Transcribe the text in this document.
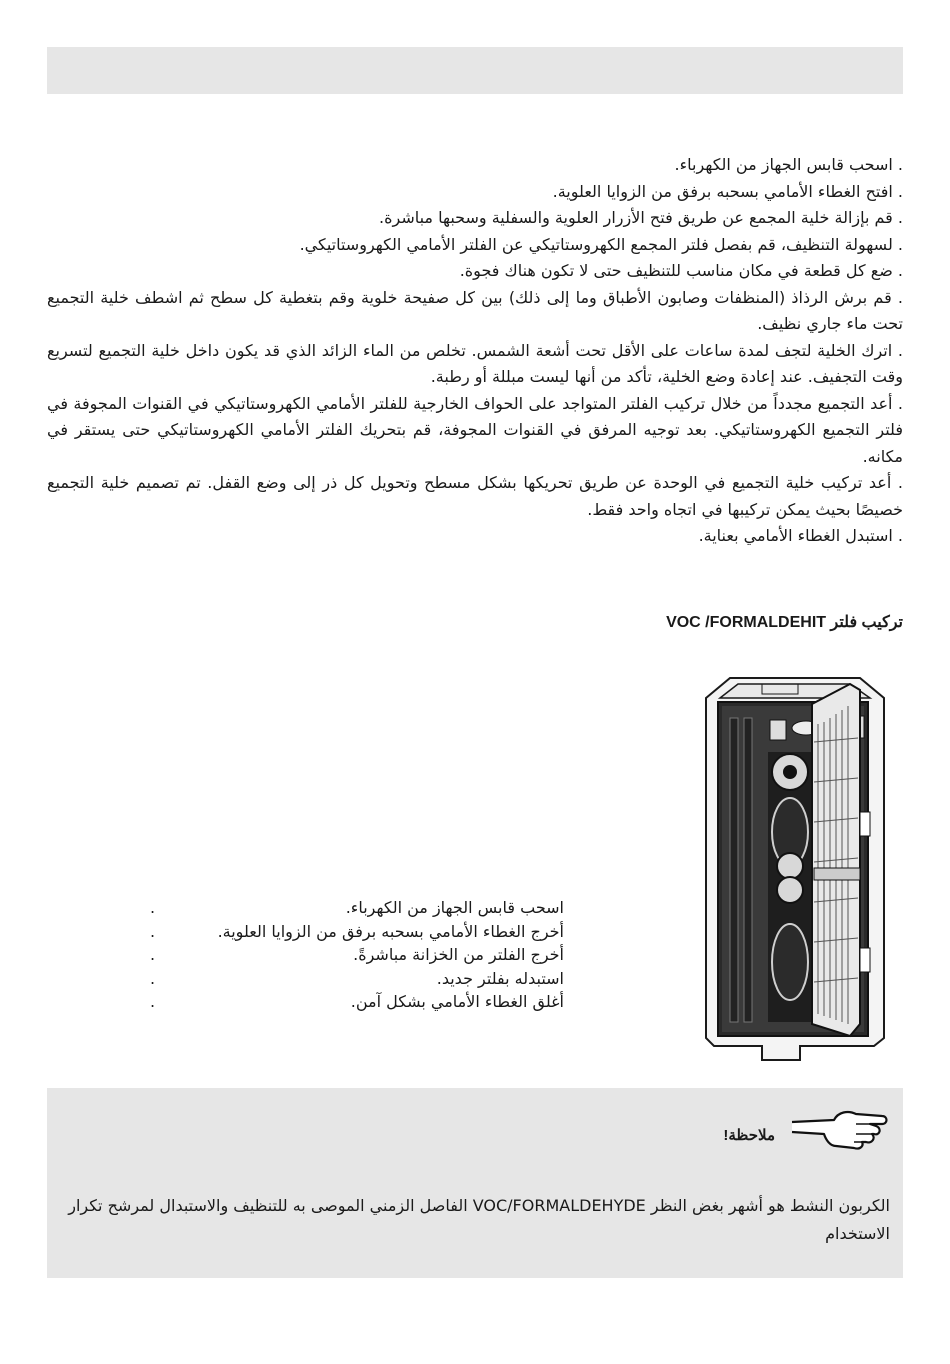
. اسحب قابس الجهاز من الكهرباء.

. افتح الغطاء الأمامي بسحبه برفق من الزوايا العلوية.

. قم بإزالة خلية المجمع عن طريق فتح الأزرار العلوية والسفلية وسحبها مباشرة.

. لسهولة التنظيف، قم بفصل فلتر المجمع الكهروستاتيكي عن الفلتر الأمامي الكهروستاتيكي.

. ضع كل قطعة في مكان مناسب للتنظيف حتى لا تكون هناك فجوة.

. قم برش الرذاذ (المنظفات وصابون الأطباق وما إلى ذلك) بين كل صفيحة خلوية وقم بتغطية كل سطح ثم اشطف خلية التجميع تحت ماء جاري نظيف.

. اترك الخلية لتجف لمدة ساعات على الأقل تحت أشعة الشمس. تخلص من الماء الزائد الذي قد يكون داخل خلية التجميع لتسريع وقت التجفيف. عند إعادة وضع الخلية، تأكد من أنها ليست مبللة أو رطبة.

. أعد التجميع مجدداً من خلال تركيب الفلتر المتواجد على الحواف الخارجية للفلتر الأمامي الكهروستاتيكي في القنوات المجوفة في فلتر التجميع الكهروستاتيكي. بعد توجيه المرفق في القنوات المجوفة، قم بتحريك الفلتر الأمامي الكهروستاتيكي حتى يستقر في مكانه.

. أعد تركيب خلية التجميع في الوحدة عن طريق تحريكها بشكل مسطح وتحويل كل ذر إلى وضع القفل. تم تصميم خلية التجميع خصيصًا بحيث يمكن تركيبها في اتجاه واحد فقط.

. استبدل الغطاء الأمامي بعناية.

تركيب فلتر VOC /FORMALDEHIT
اسحب قابس الجهاز من الكهرباء.
.
أخرج الغطاء الأمامي بسحبه برفق من الزوايا العلوية.
.
أخرج الفلتر من الخزانة مباشرةً.
.
استبدله بفلتر جديد.
.
أغلق الغطاء الأمامي بشكل آمن.
.
ملاحظة!
الكربون النشط هو أشهر بغض النظر VOC/FORMALDEHYDE الفاصل الزمني الموصى به للتنظيف والاستبدال لمرشح تكرار الاستخدام
